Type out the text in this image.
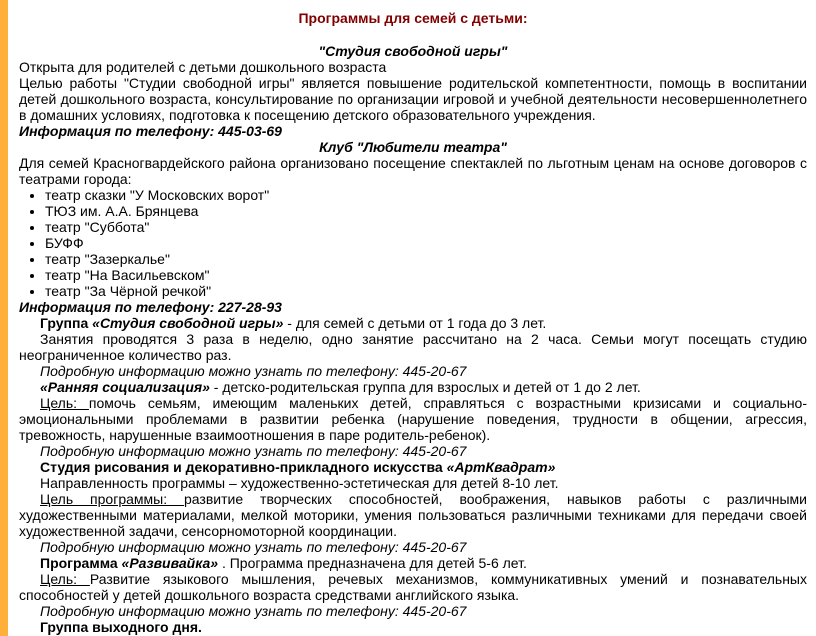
Программы для семей с детьми:
"Студия свободной игры"

Открыта для родителей с детьми дошкольного возраста

Целью работы "Студии свободной игры" является повышение родительской компетентности, помощь в воспитании детей дошкольного возраста, консультирование по организации игровой и учебной деятельности несовершеннолетнего в домашних условиях, подготовка к посещению детского образовательного учреждения.

Информация по телефону: 445-03-69
Клуб "Любители театра"

Для семей Красногвардейского района организовано посещение спектаклей по льготным ценам на основе договоров с театрами города:

• театр сказки "У Московских ворот"
• ТЮЗ им. А.А. Брянцева
• театр "Суббота"
• БУФФ
• театр "Зазеркалье"
• театр "На Васильевском"
• театр "За Чёрной речкой"
Информация по телефону: 227-28-93

Группа «Студия свободной игры» - для семей с детьми от 1 года до 3 лет.

Занятия проводятся 3 раза в неделю, одно занятие рассчитано на 2 часа. Семьи могут посещать студию неограниченное количество раз.

Подробную информацию можно узнать по телефону: 445-20-67

«Ранняя социализация» - детско-родительская группа для взрослых и детей от 1 до 2 лет.

Цель: помочь семьям, имеющим маленьких детей, справляться с возрастными кризисами и социально-эмоциональными проблемами в развитии ребенка (нарушение поведения, трудности в общении, агрессия, тревожность, нарушенные взаимоотношения в паре родитель-ребенок).

Подробную информацию можно узнать по телефону: 445-20-67

Студия рисования и декоративно-прикладного искусства «АртКвадрат»

Направленность программы – художественно-эстетическая для детей 8-10 лет.

Цель программы: развитие творческих способностей, воображения, навыков работы с различными художественными материалами, мелкой моторики, умения пользоваться различными техниками для передачи своей художественной задачи, сенсорномоторной координации.

Подробную информацию можно узнать по телефону: 445-20-67

Программа «Развивайка» . Программа предназначена для детей 5-6 лет.

Цель: Развитие языкового мышления, речевых механизмов, коммуникативных умений и познавательных способностей у детей дошкольного возраста средствами английского языка.

Подробную информацию можно узнать по телефону: 445-20-67

Группа выходного дня.
